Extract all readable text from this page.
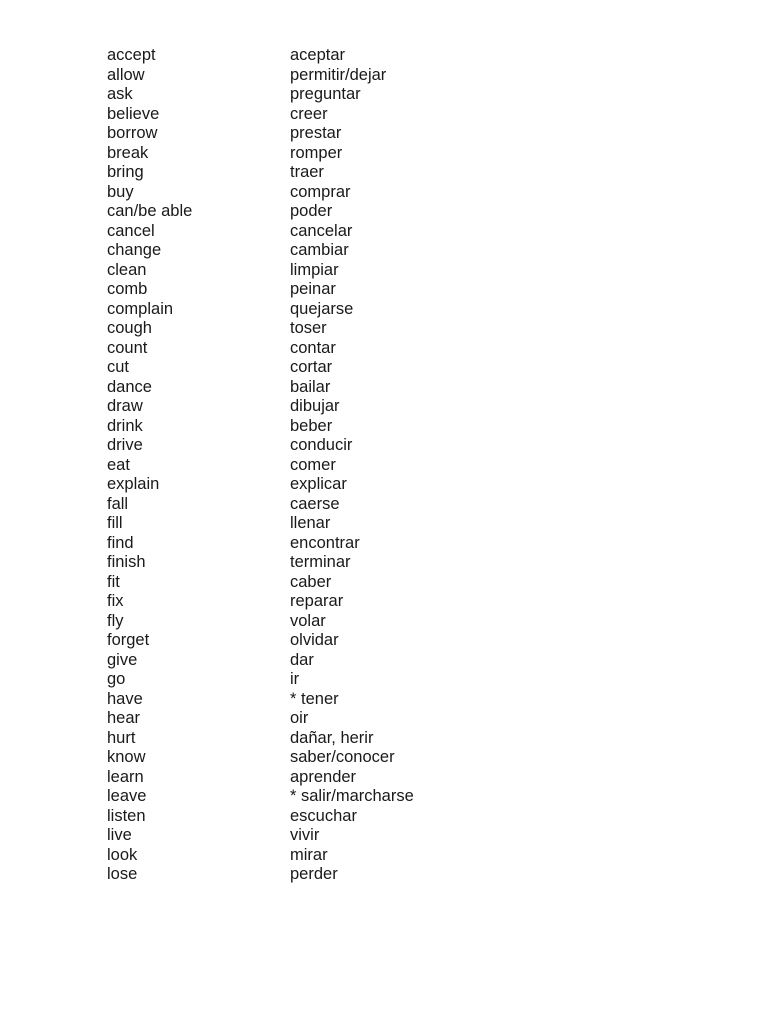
accept	aceptar
allow	permitir/dejar
ask	preguntar
believe	creer
borrow	prestar
break	romper
bring	traer
buy	comprar
can/be able	poder
cancel	cancelar
change	cambiar
clean	limpiar
comb	peinar
complain	quejarse
cough	toser
count	contar
cut	cortar
dance	bailar
draw	dibujar
drink	beber
drive	conducir
eat	comer
explain	explicar
fall	caerse
fill	llenar
find	encontrar
finish	terminar
fit	caber
fix	reparar
fly	volar
forget	olvidar
give	dar
go	ir
have	* tener
hear	oir
hurt	dañar, herir
know	saber/conocer
learn	aprender
leave	* salir/marcharse
listen	escuchar
live	vivir
look	mirar
lose	perder
